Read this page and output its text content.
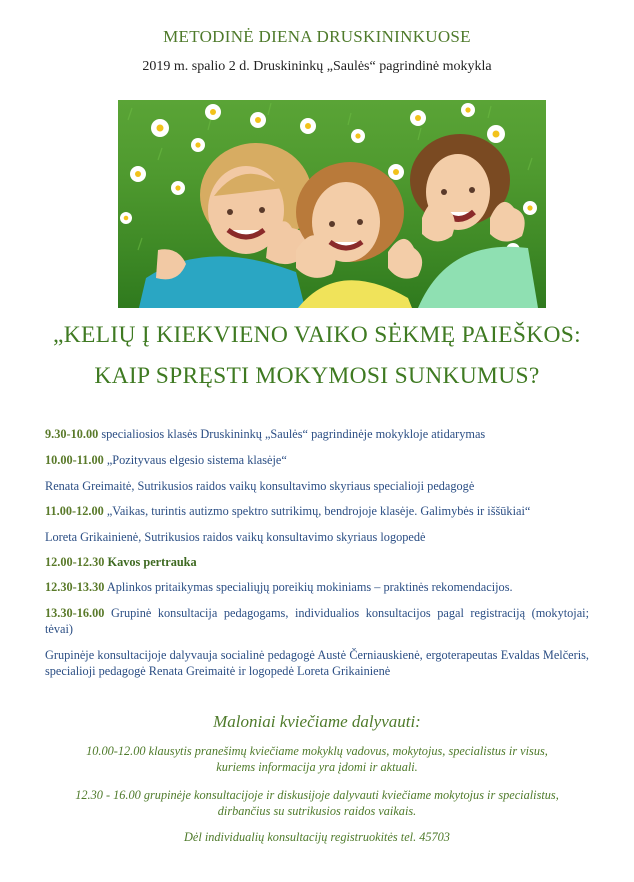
METODINĖ DIENA DRUSKININKUOSE
2019 m. spalio 2 d. Druskininkų „Saulės“ pagrindinė mokykla
„KELIŲ Į KIEKVIENO VAIKO SĖKMĘ PAIEŠKOS:
KAIP SPRĘSTI MOKYMOSI SUNKUMUS?
9.30-10.00 specialiosios klasės Druskininkų „Saulės“ pagrindinėje mokykloje atidarymas
10.00-11.00 „Pozityvaus elgesio sistema klasėje“
Renata Greimaitė, Sutrikusios raidos vaikų konsultavimo skyriaus specialioji pedagogė
11.00-12.00 „Vaikas, turintis autizmo spektro sutrikimų, bendrojoje klasėje. Galimybės ir iššūkiai“
Loreta Grikainienė, Sutrikusios raidos vaikų konsultavimo skyriaus logopedė
12.00-12.30 Kavos pertrauka
12.30-13.30 Aplinkos pritaikymas specialiųjų poreikių mokiniams – praktinės rekomendacijos.
13.30-16.00 Grupinė konsultacija pedagogams, individualios konsultacijos pagal registraciją (mokytojai; tėvai)
Grupinėje konsultacijoje dalyvauja socialinė pedagogė Austė Černiauskienė, ergoterapeutas Evaldas Melčeris, specialioji pedagogė Renata Greimaitė ir logopedė Loreta Grikainienė
Maloniai kviečiame dalyvauti:
10.00-12.00 klausytis pranešimų kviečiame mokyklų vadovus, mokytojus, specialistus ir visus,
kuriems informacija yra įdomi ir aktuali.
12.30 - 16.00 grupinėje konsultacijoje ir diskusijoje dalyvauti kviečiame mokytojus ir specialistus,
dirbančius su sutrikusios raidos vaikais.
Dėl individualių konsultacijų registruokitės tel. 45703
